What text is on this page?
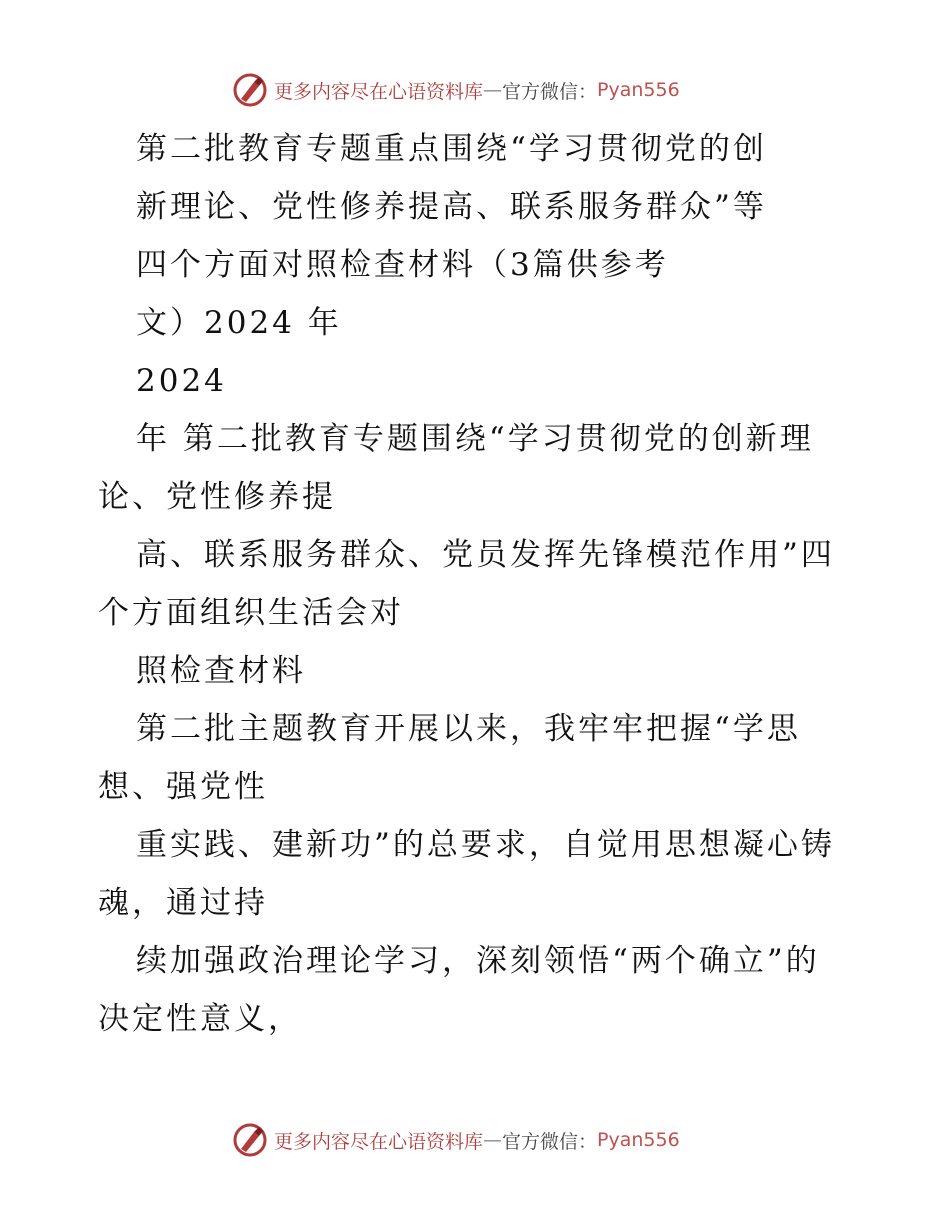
更多内容尽在心语资料库 — 官方微信： Pyan556
第二批教育专题重点围绕“学习贯彻党的创
新理论、党性修养提高、联系服务群众”等
四个方面对照检查材料（3篇供参考
文）2024 年
2024
年 第二批教育专题围绕“学习贯彻党的创新理
论、党性修养提
高、联系服务群众、党员发挥先锋模范作用”四
个方面组织生活会对
照检查材料
第二批主题教育开展以来，我牢牢把握“学思
想、强党性
重实践、建新功”的总要求，自觉用思想凝心铸
魂，通过持
续加强政治理论学习，深刻领悟“两个确立”的
决定性意义，
更多内容尽在心语资料库 — 官方微信： Pyan556
